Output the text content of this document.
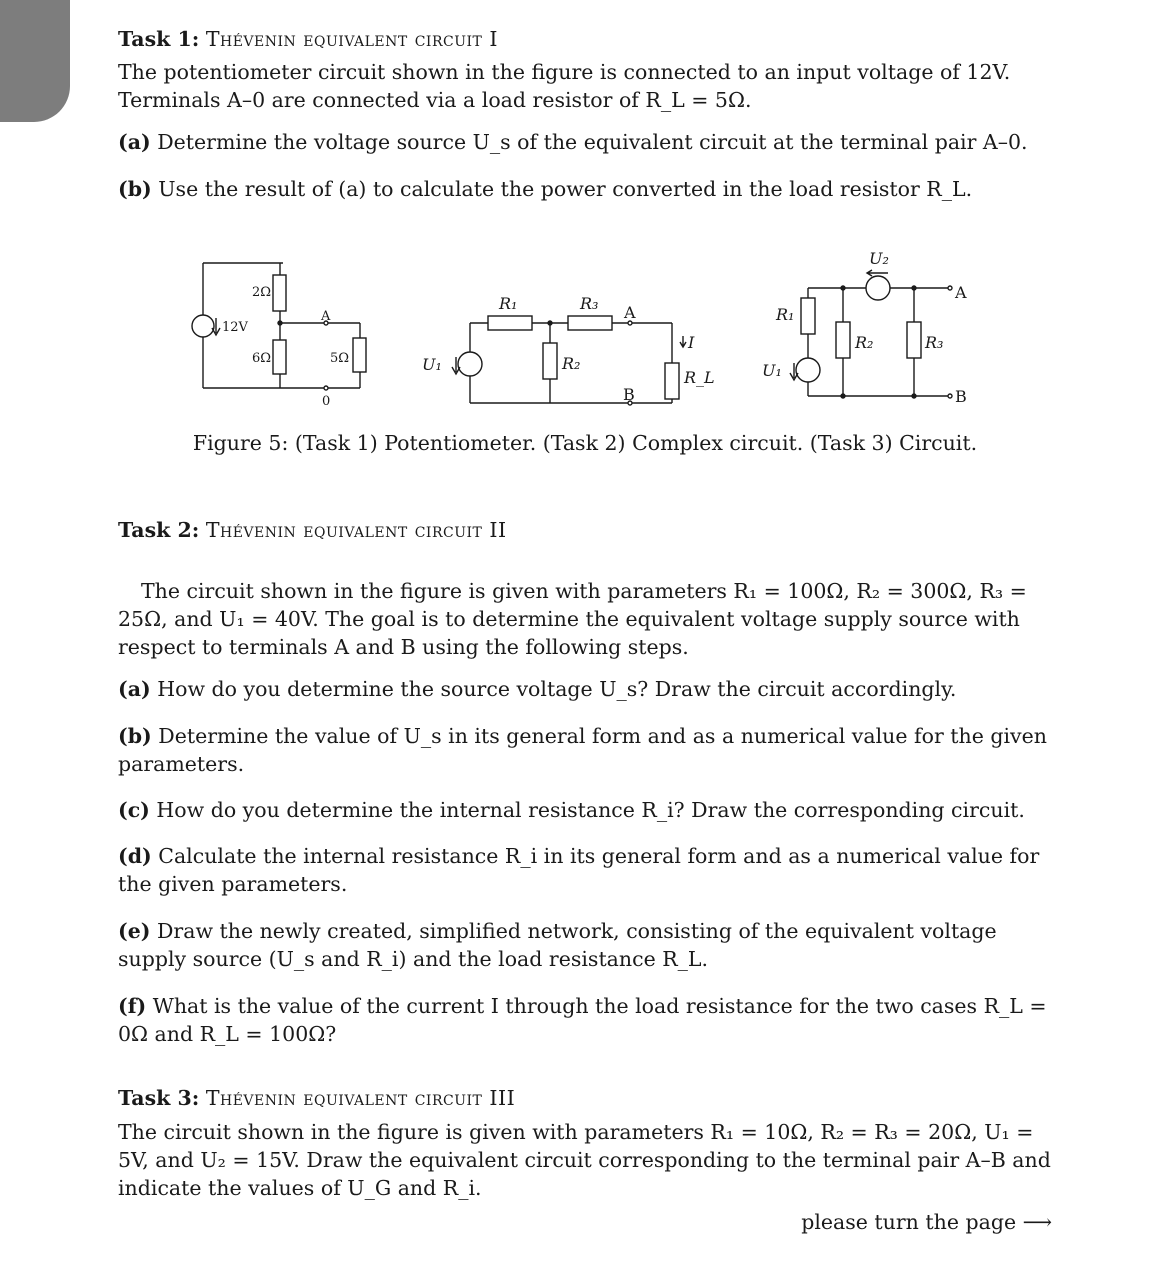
Task 1: Thévenin equivalent circuit I

The potentiometer circuit shown in the figure is connected to an input voltage of 12V. Terminals A–0 are connected via a load resistor of R_L = 5Ω.

(a) Determine the voltage source U_s of the equivalent circuit at the terminal pair A–0.

(b) Use the result of (a) to calculate the power converted in the load resistor R_L.

2Ω
6Ω	5Ω
12V
A
0
U₁
R₁	R₃
R₂
R_L
I
A
B
U₂
R₁
U₁
R₂	R₃
A
B
Figure 5: (Task 1) Potentiometer. (Task 2) Complex circuit. (Task 3) Circuit.

Task 2: Thévenin equivalent circuit II

The circuit shown in the figure is given with parameters R₁ = 100Ω, R₂ = 300Ω, R₃ = 25Ω, and U₁ = 40V. The goal is to determine the equivalent voltage supply source with respect to terminals A and B using the following steps.

(a) How do you determine the source voltage U_s? Draw the circuit accordingly.

(b) Determine the value of U_s in its general form and as a numerical value for the given parameters.

(c) How do you determine the internal resistance R_i? Draw the corresponding circuit.

(d) Calculate the internal resistance R_i in its general form and as a numerical value for the given parameters.

(e) Draw the newly created, simplified network, consisting of the equivalent voltage supply source (U_s and R_i) and the load resistance R_L.

(f) What is the value of the current I through the load resistance for the two cases R_L = 0Ω and R_L = 100Ω?

Task 3: Thévenin equivalent circuit III

The circuit shown in the figure is given with parameters R₁ = 10Ω, R₂ = R₃ = 20Ω, U₁ = 5V, and U₂ = 15V. Draw the equivalent circuit corresponding to the terminal pair A–B and indicate the values of U_G and R_i.

please turn the page ⟶
